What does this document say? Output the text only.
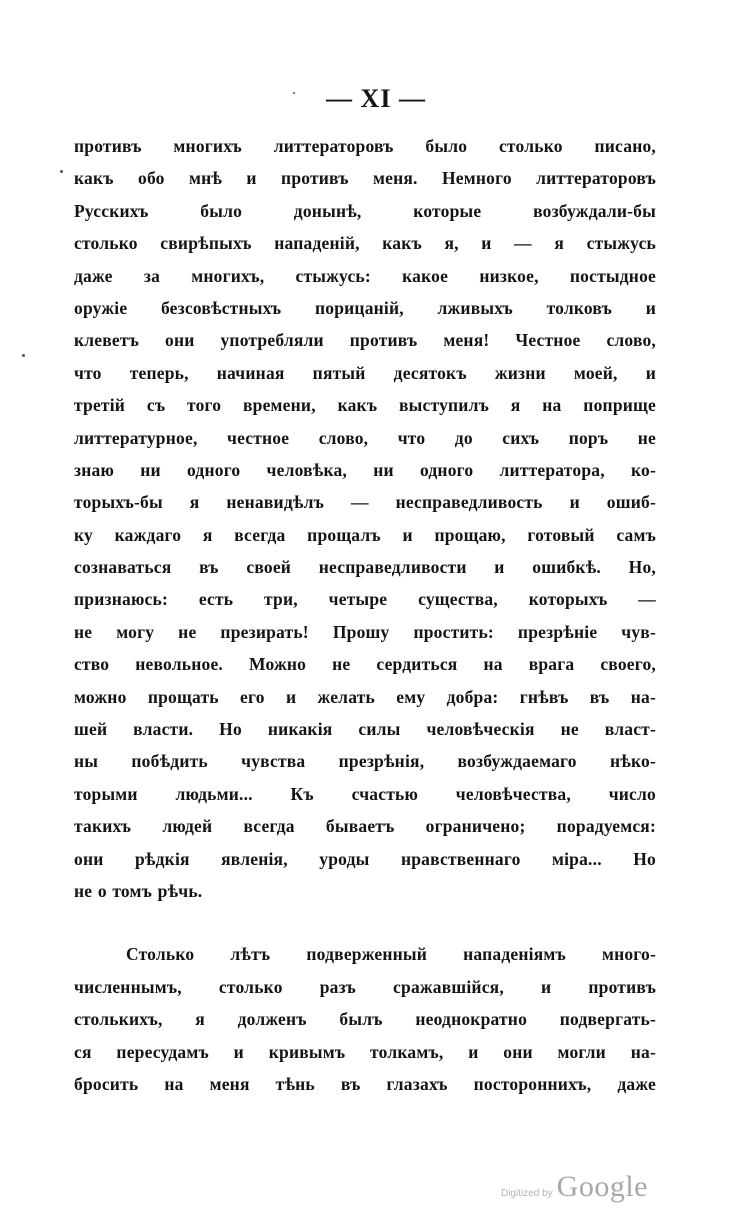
— XI —
противъ многихъ литтераторовъ было столько писано,
какъ обо мнѣ и противъ меня. Немного литтераторовъ
Русскихъ было донынѣ, которые возбуждали-бы
столько свирѣпыхъ нападеній, какъ я, и — я стыжусь
даже за многихъ, стыжусь: какое низкое, постыдное
оружіе безсовѣстныхъ порицаній, лживыхъ толковъ и
клеветъ они употребляли противъ меня! Честное слово,
что теперь, начиная пятый десятокъ жизни моей, и
третій съ того времени, какъ выступилъ я на поприще
литтературное, честное слово, что до сихъ поръ не
знаю ни одного человѣка, ни одного литтератора, ко-
торыхъ-бы я ненавидѣлъ — несправедливость и ошиб-
ку каждаго я всегда прощалъ и прощаю, готовый самъ
сознаваться въ своей несправедливости и ошибкѣ. Но,
признаюсь: есть три, четыре существа, которыхъ —
не могу не презирать! Прошу простить: презрѣніе чув-
ство невольное. Можно не сердиться на врага своего,
можно прощать его и желать ему добра: гнѣвъ въ на-
шей власти. Но никакія силы человѣческія не власт-
ны побѣдить чувства презрѣнія, возбуждаемаго нѣко-
торыми людьми... Къ счастью человѣчества, число
такихъ людей всегда бываетъ ограничено; порадуемся:
они рѣдкія явленія, уроды нравственнаго міра... Но
не о томъ рѣчь.
Столько лѣтъ подверженный нападеніямъ много-
численнымъ, столько разъ сражавшійся, и противъ
столькихъ, я долженъ былъ неоднократно подвергать-
ся пересудамъ и кривымъ толкамъ, и они могли на-
бросить на меня тѣнь въ глазахъ постороннихъ, даже
Digitized by Google
